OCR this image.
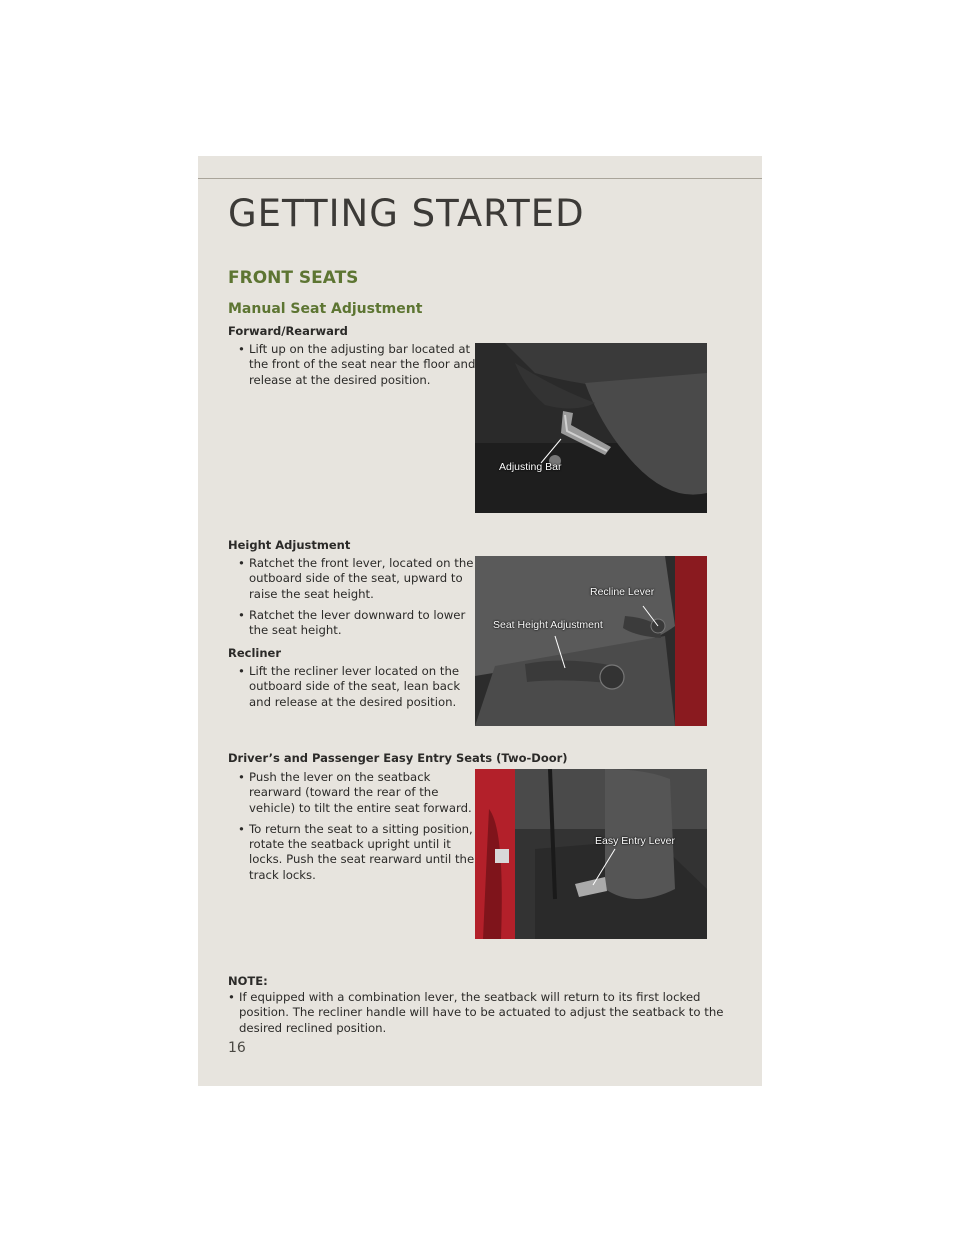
GETTING STARTED
FRONT SEATS
Manual Seat Adjustment

Forward/Rearward

• Lift up on the adjusting bar located at the front of the seat near the floor and release at the desired position.
Adjusting Bar

Height Adjustment

• Ratchet the front lever, located on the outboard side of the seat, upward to raise the seat height.
• Ratchet the lever downward to lower the seat height.

Recliner

• Lift the recliner lever located on the outboard side of the seat, lean back and release at the desired position.
Recline Lever
Seat Height Adjustment

Driver’s and Passenger Easy Entry Seats (Two-Door)

• Push the lever on the seatback rearward (toward the rear of the vehicle) to tilt the entire seat forward.
• To return the seat to a sitting position, rotate the seatback upright until it locks. Push the seat rearward until the track locks.
Easy Entry Lever

NOTE:

• If equipped with a combination lever, the seatback will return to its first locked position. The recliner handle will have to be actuated to adjust the seatback to the desired reclined position.
16
